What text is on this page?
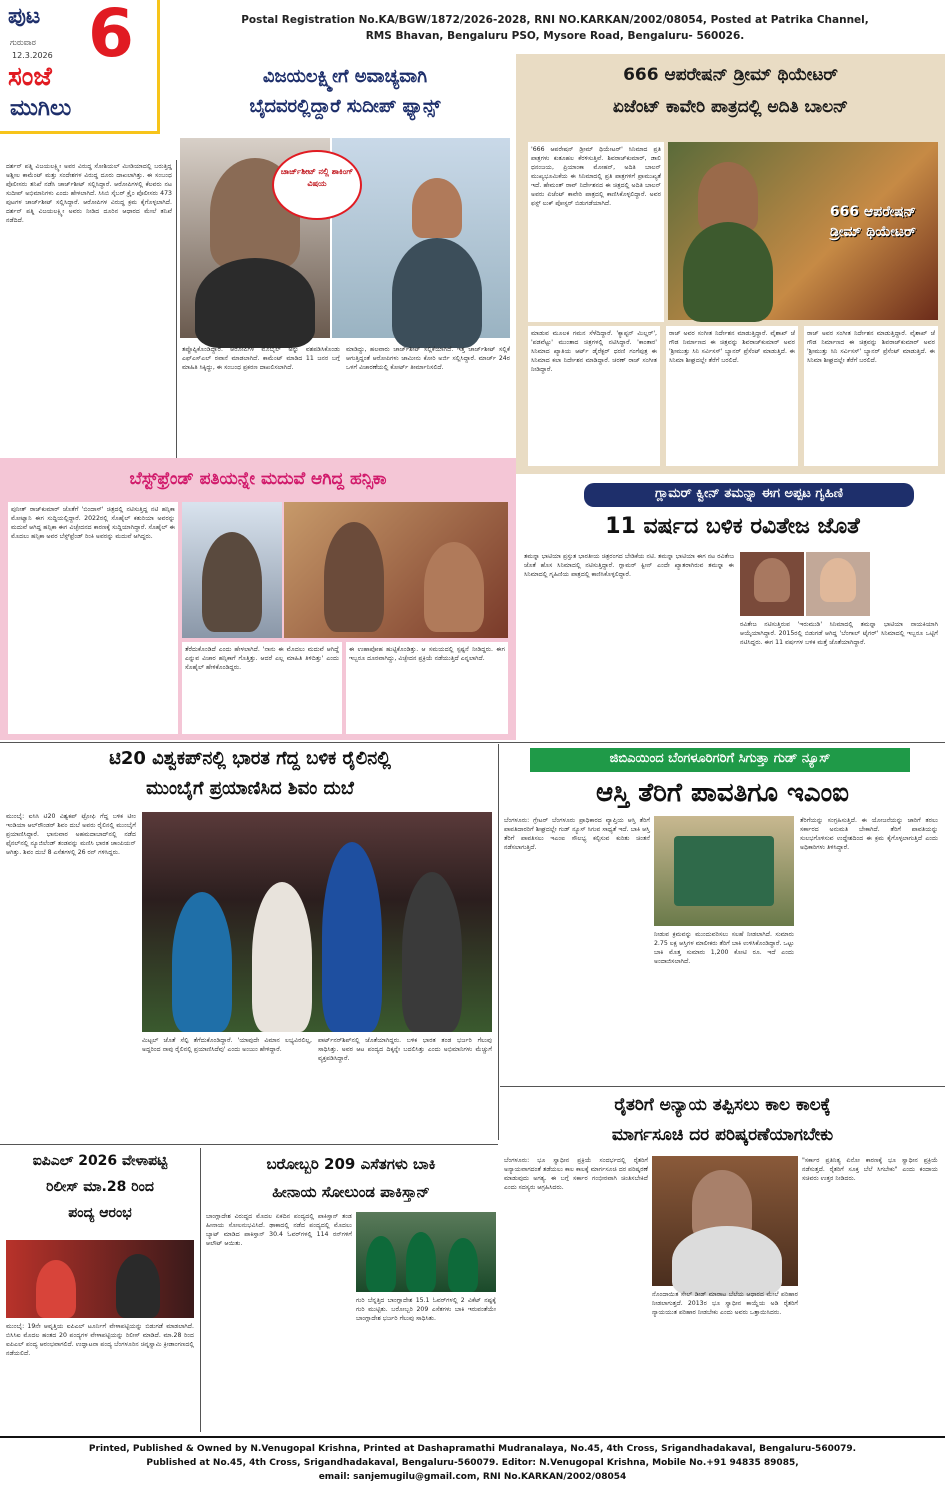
ಪುಟ 6
ಗುರುವಾರ
12.3.2026
ಸಂಜೆ
ಮುಗಿಲು
Postal Registration No.KA/BGW/1872/2026-2028, RNI NO.KARKAN/2002/08054, Posted at Patrika Channel,
RMS Bhavan, Bengaluru PSO, Mysore Road, Bengaluru- 560026.
ವಿಜಯಲಕ್ಷ್ಮೀಗೆ ಅವಾಚ್ಯವಾಗಿ
ಬೈದವರಲ್ಲಿದ್ದಾರೆ ಸುದೀಪ್ ಫ್ಯಾನ್ಸ್
ಚಾರ್ಜ್‌ಶೀಟ್ ನಲ್ಲಿ ಶಾಕಿಂಗ್ ವಿಷಯ
ದರ್ಶನ್ ಪತ್ನಿ ವಿಜಯಲಕ್ಷ್ಮೀ ಅವರ ವಿರುದ್ಧ ಸೋಶಿಯಲ್ ಮೀಡಿಯಾದಲ್ಲಿ ಬರುತ್ತಿದ್ದ ಅಶ್ಲೀಲ ಕಾಮೆಂಟ್ ಮತ್ತು ಸಂದೇಶಗಳ ವಿರುದ್ಧ ದೂರು ದಾಖಲಾಗಿತ್ತು. ಈ ಸಂಬಂಧ ಪೊಲೀಸರು ತನಿಖೆ ನಡೆಸಿ ಚಾರ್ಜ್‌ಶೀಟ್ ಸಲ್ಲಿಸಿದ್ದಾರೆ. ಆರೋಪಿಗಳಲ್ಲಿ ಕೆಲವರು ನಟ ಸುದೀಪ್ ಅಭಿಮಾನಿಗಳು ಎಂದು ಹೇಳಲಾಗಿದೆ. ಸಿಸಿಬಿ ಸೈಬರ್ ಕ್ರೈಂ ಪೊಲೀಸರು 473 ಪುಟಗಳ ಚಾರ್ಜ್‌ಶೀಟ್ ಸಲ್ಲಿಸಿದ್ದಾರೆ. ಆರೋಪಿಗಳ ವಿರುದ್ಧ ಕ್ರಮ ಕೈಗೊಳ್ಳಲಾಗಿದೆ. ದರ್ಶನ್ ಪತ್ನಿ ವಿಜಯಲಕ್ಷ್ಮೀ ಅವರು ನೀಡಿದ ದೂರಿನ ಆಧಾರದ ಮೇಲೆ ತನಿಖೆ ನಡೆದಿದೆ.
ತಪ್ಪೊಪ್ಪಿಕೊಂಡಿದ್ದಾರೆ. ಆರೋಪಿಗಳ ಮೊಬೈಲ್ ಅನ್ನು ವಶಪಡಿಸಿಕೊಂಡು ಎಫ್‌ಎಸ್‌ಎಲ್ ರವಾನೆ ಮಾಡಲಾಗಿದೆ. ಕಾಮೆಂಟ್ ಮಾಡಿದ 11 ಜನರ ಬಗ್ಗೆ ಮಾಹಿತಿ ಸಿಕ್ಕಿದ್ದು, ಈ ಸಂಬಂಧ ಪ್ರಕರಣ ದಾಖಲಿಸಲಾಗಿದೆ.
ಮಾಡಿದ್ದು, ಹಲವಾರು ಚಾರ್ಜ್‌ಶೀಟ್ ಸಲ್ಲಿಕೆಯಾಗಿದೆ. ಇತ್ತ ಚಾರ್ಜ್‌ಶೀಟ್ ಸಲ್ಲಿಕೆ ಆಗುತ್ತಿದ್ದಂತೆ ಆರೋಪಿಗಳು ಜಾಮೀನು ಕೋರಿ ಅರ್ಜಿ ಸಲ್ಲಿಸಿದ್ದಾರೆ. ಮಾರ್ಚ್ 24ರ ಒಳಗೆ ವಿಚಾರಣೆಯಲ್ಲಿ ಕೋರ್ಟ್ ತೀರ್ಮಾನಿಸಲಿದೆ.
666 ಆಪರೇಷನ್ ಡ್ರೀಮ್ ಥಿಯೇಟರ್
ಏಜೆಂಟ್ ಕಾವೇರಿ ಪಾತ್ರದಲ್ಲಿ ಅದಿತಿ ಬಾಲನ್
'666 ಆಪರೇಷನ್ ಡ್ರೀಮ್ ಥಿಯೇಟರ್' ಸಿನಿಮಾದ ಪ್ರತಿ ಪಾತ್ರಗಳು ಕುತೂಹಲ ಕೆರಳಿಸುತ್ತಿವೆ. ಶಿವರಾಜ್‌ಕುಮಾರ್, ಡಾಲಿ ಧನಂಜಯ, ಪ್ರಿಯಾಂಕಾ ಮೋಹನ್, ಅದಿತಿ ಬಾಲನ್ ಮುಖ್ಯಭೂಮಿಕೆಯ ಈ ಸಿನಿಮಾದಲ್ಲಿ ಪ್ರತಿ ಪಾತ್ರಗಳಿಗೆ ಪ್ರಾಮುಖ್ಯತೆ ಇದೆ. ಹೇಮಂತ್ ರಾವ್ ನಿರ್ದೇಶನದ ಈ ಚಿತ್ರದಲ್ಲಿ ಅದಿತಿ ಬಾಲನ್ ಅವರು ಏಜೆಂಟ್ ಕಾವೇರಿ ಪಾತ್ರದಲ್ಲಿ ಕಾಣಿಸಿಕೊಳ್ಳಲಿದ್ದಾರೆ. ಅವರ ಫಸ್ಟ್ ಲುಕ್ ಪೋಸ್ಟರ್ ಬಿಡುಗಡೆಯಾಗಿದೆ.
666 ಆಪರೇಷನ್ ಡ್ರೀಮ್ ಥಿಯೇಟರ್
ಮಾಡುವ ಮೂಲಕ ಗಮನ ಸೆಳೆದಿದ್ದಾರೆ. 'ಕ್ಯಾಪ್ಟನ್ ಮಿಲ್ಲರ್', 'ಪಡವೆಟ್ಟು' ಮುಂತಾದ ಚಿತ್ರಗಳಲ್ಲಿ ನಟಿಸಿದ್ದಾರೆ. 'ಕಾಂತಾರ' ಸಿನಿಮಾದ ಖ್ಯಾತಿಯ ಆರ್ಟ್ ಡೈರೆಕ್ಟರ್ ಧರಣಿ ಗಂಗೆಪುತ್ರ ಈ ಸಿನಿಮಾದ ಕಲಾ ನಿರ್ದೇಶನ ಮಾಡಿದ್ದಾರೆ. ಚರಣ್ ರಾಜ್ ಸಂಗೀತ ನೀಡಿದ್ದಾರೆ.
ರಾಜ್ ಅವರ ಸಂಗೀತ ನಿರ್ದೇಶನ ಮಾಡುತ್ತಿದ್ದಾರೆ. ವೈಶಾಖ್ ಜೆ ಗೌಡ ನಿರ್ಮಾಣದ ಈ ಚಿತ್ರವನ್ನು ಶಿವರಾಜ್‌ಕುಮಾರ್ ಅವರ 'ಶ್ರೀಮುತ್ತು ಸಿನಿ ಸರ್ವಿಸಸ್' ಬ್ಯಾನರ್ ಪ್ರೆಸೆಂಟ್ ಮಾಡುತ್ತಿದೆ. ಈ ಸಿನಿಮಾ ಶೀಘ್ರದಲ್ಲೇ ತೆರೆಗೆ ಬರಲಿದೆ.
ರಾಜ್ ಅವರ ಸಂಗೀತ ನಿರ್ದೇಶನ ಮಾಡುತ್ತಿದ್ದಾರೆ. ವೈಶಾಖ್ ಜೆ ಗೌಡ ನಿರ್ಮಾಣದ ಈ ಚಿತ್ರವನ್ನು ಶಿವರಾಜ್‌ಕುಮಾರ್ ಅವರ 'ಶ್ರೀಮುತ್ತು ಸಿನಿ ಸರ್ವಿಸಸ್' ಬ್ಯಾನರ್ ಪ್ರೆಸೆಂಟ್ ಮಾಡುತ್ತಿದೆ. ಈ ಸಿನಿಮಾ ಶೀಘ್ರದಲ್ಲೇ ತೆರೆಗೆ ಬರಲಿದೆ.
ಬೆಸ್ಟ್‌ಫ್ರೆಂಡ್ ಪತಿಯನ್ನೇ ಮದುವೆ ಆಗಿದ್ದ ಹನ್ಸಿಕಾ
ಪುನೀತ್ ರಾಜ್‌ಕುಮಾರ್ ಜೊತೆಗೆ 'ಬಿಂದಾಸ್' ಚಿತ್ರದಲ್ಲಿ ನಟಿಸುತ್ತಿದ್ದ ನಟಿ ಹನ್ಸಿಕಾ ಮೋಟ್ವಾನಿ ಈಗ ಸುದ್ದಿಯಲ್ಲಿದ್ದಾರೆ. 2022ರಲ್ಲಿ ಸೊಹೈಲ್ ಕತುರಿಯಾ ಅವರನ್ನು ಮದುವೆ ಆಗಿದ್ದ ಹನ್ಸಿಕಾ ಈಗ ವಿಚ್ಛೇದನದ ಕಾರಣಕ್ಕೆ ಸುದ್ದಿಯಾಗಿದ್ದಾರೆ. ಸೊಹೈಲ್ ಈ ಮೊದಲು ಹನ್ಸಿಕಾ ಅವರ ಬೆಸ್ಟ್‌ಫ್ರೆಂಡ್ ರಿಂಕಿ ಅವರನ್ನು ಮದುವೆ ಆಗಿದ್ದರು.
ತೆರೆದುಕೊಂಡಿದೆ ಎಂದು ಹೇಳಲಾಗಿದೆ. 'ನಾನು ಈ ಮೊದಲು ಮದುವೆ ಆಗಿದ್ದೆ ಎನ್ನುವ ವಿಚಾರ ಹನ್ಸಿಕಾಗೆ ಗೊತ್ತಿತ್ತು. ಆದರೆ ಎಲ್ಲ ಮಾಹಿತಿ ತಿಳಿದಿತ್ತು' ಎಂದು ಸೊಹೈಲ್ ಹೇಳಿಕೊಂಡಿದ್ದರು.
ಈ ಉಹಾಪೋಹ ಹುಟ್ಟಿಕೊಂಡಿತ್ತು. ಆ ಸಮಯದಲ್ಲಿ ಸ್ಪಷ್ಟನೆ ನೀಡಿದ್ದರು. ಈಗ ಇಬ್ಬರೂ ದೂರವಾಗಿದ್ದು, ವಿಚ್ಛೇದನ ಪ್ರಕ್ರಿಯೆ ನಡೆಯುತ್ತಿದೆ ಎನ್ನಲಾಗಿದೆ.
ಗ್ಲಾಮರ್ ಕ್ವೀನ್ ತಮನ್ನಾ ಈಗ ಅಪ್ಪಟ ಗೃಹಿಣಿ
11 ವರ್ಷದ ಬಳಿಕ ರವಿತೇಜ ಜೊತೆ
ತಮನ್ನಾ ಭಾಟಿಯಾ ಪ್ರಸ್ತುತ ಭಾರತೀಯ ಚಿತ್ರರಂಗದ ಬೇಡಿಕೆಯ ನಟಿ. ತಮನ್ನಾ ಭಾಟಿಯಾ ಈಗ ನಟ ರವಿತೇಜ ಜೊತೆ ಹೊಸ ಸಿನಿಮಾದಲ್ಲಿ ನಟಿಸುತ್ತಿದ್ದಾರೆ. ಗ್ಲಾಮರ್ ಕ್ವೀನ್ ಎಂದೇ ಖ್ಯಾತರಾಗಿರುವ ತಮನ್ನಾ ಈ ಸಿನಿಮಾದಲ್ಲಿ ಗೃಹಿಣಿಯ ಪಾತ್ರದಲ್ಲಿ ಕಾಣಿಸಿಕೊಳ್ಳಲಿದ್ದಾರೆ.
ರವಿತೇಜ ನಟಿಸುತ್ತಿರುವ 'ಇರುಮುಡಿ' ಸಿನಿಮಾದಲ್ಲಿ ತಮನ್ನಾ ಭಾಟಿಯಾ ನಾಯಕಿಯಾಗಿ ಆಯ್ಕೆಯಾಗಿದ್ದಾರೆ. 2015ರಲ್ಲಿ ಬಿಡುಗಡೆ ಆಗಿದ್ದ 'ಬೆಂಗಾಲ್ ಟೈಗರ್' ಸಿನಿಮಾದಲ್ಲಿ ಇಬ್ಬರೂ ಒಟ್ಟಿಗೆ ನಟಿಸಿದ್ದರು. ಈಗ 11 ವರ್ಷಗಳ ಬಳಿಕ ಮತ್ತೆ ಜೊತೆಯಾಗಿದ್ದಾರೆ.
ಟಿ20 ವಿಶ್ವಕಪ್‌ನಲ್ಲಿ ಭಾರತ ಗೆದ್ದ ಬಳಿಕ ರೈಲಿನಲ್ಲಿ
ಮುಂಬೈಗೆ ಪ್ರಯಾಣಿಸಿದ ಶಿವಂ ದುಬೆ
ಮುಂಬೈ: ಐಸಿಸಿ ಟಿ20 ವಿಶ್ವಕಪ್ ಟ್ರೋಫಿ ಗೆದ್ದ ಬಳಿಕ ಟೀಂ ಇಂಡಿಯಾ ಆಲ್‌ರೌಂಡರ್ ಶಿವಂ ದುಬೆ ಅವರು ರೈಲಿನಲ್ಲಿ ಮುಂಬೈಗೆ ಪ್ರಯಾಣಿಸಿದ್ದಾರೆ. ಭಾನುವಾರ ಅಹಮದಾಬಾದ್‌ನಲ್ಲಿ ನಡೆದ ಫೈನಲ್‌ನಲ್ಲಿ ನ್ಯೂಜಿಲೆಂಡ್ ತಂಡವನ್ನು ಮಣಿಸಿ ಭಾರತ ಚಾಂಪಿಯನ್ ಆಗಿತ್ತು. ಶಿವಂ ದುಬೆ 8 ಎಸೆತಗಳಲ್ಲಿ 26 ರನ್ ಗಳಿಸಿದ್ದರು.
ಮಿಟ್ಟಲ್ ಜೊತೆ ಸೆಲ್ಫಿ ತೆಗೆದುಕೊಂಡಿದ್ದಾರೆ. 'ಯಾವುದೇ ವಿಮಾನ ಲಭ್ಯವಿರಲಿಲ್ಲ, ಅದ್ದರಿಂದ ನಾವು ರೈಲಿನಲ್ಲಿ ಪ್ರಯಾಣಿಸಿದೆವು' ಎಂದು ಅಂಜುಂ ಹೇಳಿದ್ದಾರೆ.
ಪಾರ್ಟ್‌ನರ್‌ಶಿಪ್‌ನಲ್ಲಿ ಜೊತೆಯಾಗಿದ್ದರು. ಬಳಿಕ ಭಾರತ ತಂಡ ಭರ್ಜರಿ ಗೆಲುವು ಸಾಧಿಸಿತ್ತು. ಅವರ ಆಟ ಪಂದ್ಯದ ದಿಕ್ಕನ್ನೇ ಬದಲಿಸಿತ್ತು ಎಂದು ಅಭಿಮಾನಿಗಳು ಮೆಚ್ಚುಗೆ ವ್ಯಕ್ತಪಡಿಸಿದ್ದಾರೆ.
ಜಿಬಿಎಯಿಂದ ಬೆಂಗಳೂರಿಗರಿಗೆ ಸಿಗುತ್ತಾ ಗುಡ್ ನ್ಯೂಸ್
ಆಸ್ತಿ ತೆರಿಗೆ ಪಾವತಿಗೂ ಇಎಂಐ
ಬೆಂಗಳೂರು: ಗ್ರೇಟರ್ ಬೆಂಗಳೂರು ಪ್ರಾಧಿಕಾರದ ವ್ಯಾಪ್ತಿಯ ಆಸ್ತಿ ತೆರಿಗೆ ಪಾವತಿದಾರರಿಗೆ ಶೀಘ್ರದಲ್ಲೇ ಗುಡ್ ನ್ಯೂಸ್ ಸಿಗುವ ಸಾಧ್ಯತೆ ಇದೆ. ಬಾಕಿ ಆಸ್ತಿ ತೆರಿಗೆ ಪಾವತಿಸಲು ಇಎಂಐ ಸೌಲಭ್ಯ ಕಲ್ಪಿಸುವ ಕುರಿತು ಚಿಂತನೆ ನಡೆಸಲಾಗುತ್ತಿದೆ.
ನೀಡುವ ಕ್ರಮವನ್ನು ಮುಂದುವರಿಸಲು ಸಲಹೆ ನೀಡಲಾಗಿದೆ. ಸುಮಾರು 2.75 ಲಕ್ಷ ಆಸ್ತಿಗಳ ಮಾಲೀಕರು ತೆರಿಗೆ ಬಾಕಿ ಉಳಿಸಿಕೊಂಡಿದ್ದಾರೆ. ಒಟ್ಟು ಬಾಕಿ ಮೊತ್ತ ಸುಮಾರು 1,200 ಕೋಟಿ ರೂ. ಇದೆ ಎಂದು ಅಂದಾಜಿಸಲಾಗಿದೆ.
ತೆರಿಗೆಯನ್ನು ಸಂಗ್ರಹಿಸುತ್ತಿದೆ. ಈ ಯೋಜನೆಯನ್ನು ಜಾರಿಗೆ ತರಲು ಸರ್ಕಾರದ ಅನುಮತಿ ಬೇಕಾಗಿದೆ. ತೆರಿಗೆ ಪಾವತಿಯನ್ನು ಸುಲಭಗೊಳಿಸುವ ಉದ್ದೇಶದಿಂದ ಈ ಕ್ರಮ ಕೈಗೊಳ್ಳಲಾಗುತ್ತಿದೆ ಎಂದು ಅಧಿಕಾರಿಗಳು ತಿಳಿಸಿದ್ದಾರೆ.
ರೈತರಿಗೆ ಅನ್ಯಾಯ ತಪ್ಪಿಸಲು ಕಾಲ ಕಾಲಕ್ಕೆ
ಮಾರ್ಗಸೂಚಿ ದರ ಪರಿಷ್ಕರಣೆಯಾಗಬೇಕು
ಬೆಂಗಳೂರು: ಭೂ ಸ್ವಾಧೀನ ಪ್ರಕ್ರಿಯೆ ಸಂದರ್ಭದಲ್ಲಿ ರೈತರಿಗೆ ಅನ್ಯಾಯವಾಗದಂತೆ ತಡೆಯಲು ಕಾಲ ಕಾಲಕ್ಕೆ ಮಾರ್ಗಸೂಚಿ ದರ ಪರಿಷ್ಕರಣೆ ಮಾಡುವುದು ಅಗತ್ಯ. ಈ ಬಗ್ಗೆ ಸರ್ಕಾರ ಗಂಭೀರವಾಗಿ ಚಿಂತಿಸಬೇಕಿದೆ ಎಂದು ಸದಸ್ಯರು ಆಗ್ರಹಿಸಿದರು.
ನೊಂದಾಯಿತ ಸೇಲ್ ಡೀಡ್ ಮಾರಾಟ ಬೆಲೆಯ ಆಧಾರದ ಮೇಲೆ ಪರಿಹಾರ ನೀಡಲಾಗುತ್ತದೆ. 2013ರ ಭೂ ಸ್ವಾಧೀನ ಕಾಯ್ದೆಯ ಅಡಿ ರೈತರಿಗೆ ನ್ಯಾಯಯುತ ಪರಿಹಾರ ನೀಡಬೇಕು ಎಂದು ಅವರು ಒತ್ತಾಯಿಸಿದರು.
"ಸರ್ಕಾರ ಪ್ರತಿನಿತ್ಯ ಏನೋ ಕಾರಣಕ್ಕೆ ಭೂ ಸ್ವಾಧೀನ ಪ್ರಕ್ರಿಯೆ ನಡೆಸುತ್ತದೆ. ರೈತರಿಗೆ ಸೂಕ್ತ ಬೆಲೆ ಸಿಗಬೇಕು" ಎಂದು ಕಂದಾಯ ಸಚಿವರು ಉತ್ತರ ನೀಡಿದರು.
ಐಪಿಎಲ್ 2026 ವೇಳಾಪಟ್ಟಿ
ರಿಲೀಸ್ ಮಾ.28 ರಿಂದ
ಪಂದ್ಯ ಆರಂಭ
ಮುಂಬೈ: 19ನೇ ಆವೃತ್ತಿಯ ಐಪಿಎಲ್ ಟೂರ್ನಿಗೆ ವೇಳಾಪಟ್ಟಿಯನ್ನು ಬಿಡುಗಡೆ ಮಾಡಲಾಗಿದೆ. ಬಿಸಿಸಿಐ ಮೊದಲ ಹಂತದ 20 ಪಂದ್ಯಗಳ ವೇಳಾಪಟ್ಟಿಯನ್ನು ರಿಲೀಸ್ ಮಾಡಿದೆ. ಮಾ.28 ರಿಂದ ಐಪಿಎಲ್ ಪಂದ್ಯ ಆರಂಭವಾಗಲಿದೆ. ಉದ್ಘಾಟನಾ ಪಂದ್ಯ ಬೆಂಗಳೂರಿನ ಚಿನ್ನಸ್ವಾಮಿ ಕ್ರೀಡಾಂಗಣದಲ್ಲಿ ನಡೆಯಲಿದೆ.
ಬರೋಬ್ಬರಿ 209 ಎಸೆತಗಳು ಬಾಕಿ
ಹೀನಾಯ ಸೋಲುಂಡ ಪಾಕಿಸ್ತಾನ್
ಬಾಂಗ್ಲಾದೇಶ ವಿರುದ್ಧದ ಮೊದಲ ಏಕದಿನ ಪಂದ್ಯದಲ್ಲಿ ಪಾಕಿಸ್ತಾನ್ ತಂಡ ಹೀನಾಯ ಸೋಲನುಭವಿಸಿದೆ. ಢಾಕಾದಲ್ಲಿ ನಡೆದ ಪಂದ್ಯದಲ್ಲಿ ಮೊದಲು ಬ್ಯಾಟ್ ಮಾಡಿದ ಪಾಕಿಸ್ತಾನ್ 30.4 ಓವರ್‌ಗಳಲ್ಲಿ 114 ರನ್‌ಗಳಿಗೆ ಆಲೌಟ್ ಆಯಿತು.
ಗುರಿ ಬೆನ್ನತ್ತಿದ ಬಾಂಗ್ಲಾದೇಶ 15.1 ಓವರ್‌ಗಳಲ್ಲಿ 2 ವಿಕೆಟ್ ನಷ್ಟಕ್ಕೆ ಗುರಿ ಮುಟ್ಟಿತು. ಬರೋಬ್ಬರಿ 209 ಎಸೆತಗಳು ಬಾಕಿ ಇರುವಂತೆಯೇ ಬಾಂಗ್ಲಾದೇಶ ಭರ್ಜರಿ ಗೆಲುವು ಸಾಧಿಸಿತು.
Printed, Published & Owned by N.Venugopal Krishna, Printed at Dashapramathi Mudranalaya, No.45, 4th Cross, Srigandhadakaval, Bengaluru-560079.
Published at No.45, 4th Cross, Srigandhadakaval, Bengaluru-560079. Editor: N.Venugopal Krishna, Mobile No.+91 94835 89085,
email: sanjemugilu@gmail.com, RNI No.KARKAN/2002/08054
